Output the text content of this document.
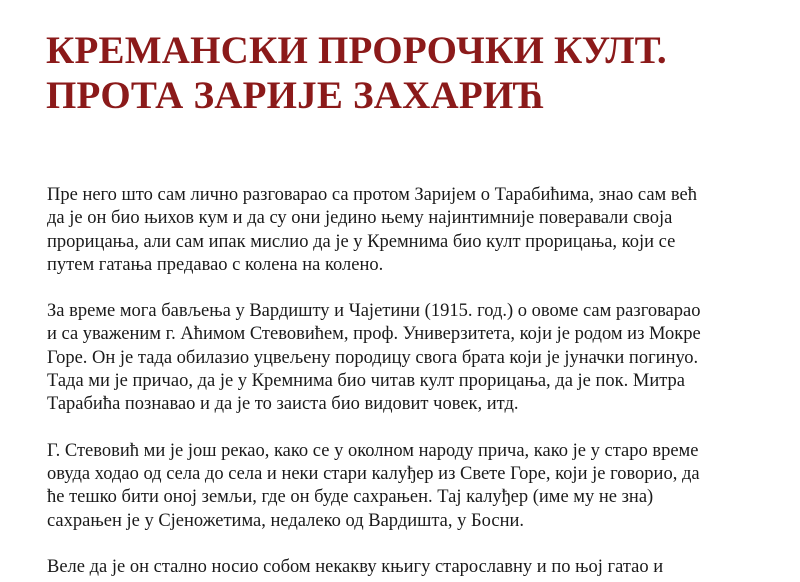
КРЕМАНСКИ ПРОРОЧКИ КУЛТ.
ПРОТА ЗАРИЈЕ ЗАХАРИЋ

Пре него што сам лично разговарао са протом Заријем о Тарабићима, знао сам већ
да је он био њихов кум и да су они једино њему најинтимније поверавали своја
прорицања, али сам ипак мислио да је у Кремнима био култ прорицања, који се
путем гатања предавао с колена на колено.

За време мога бављења у Вардишту и Чајетини (1915. год.) о овоме сам разговарао
и са уваженим г. Аћимом Стевовићем, проф. Универзитета, који је родом из Мокре
Горе. Он је тада обилазио уцвељену породицу свога брата који је јуначки погинуо.
Тада ми је причао, да је у Кремнима био читав култ прорицања, да је пок. Митра
Тарабића познавао и да је то заиста био видовит човек, итд.

Г. Стевовић ми је још рекао, како се у околном народу прича, како је у старо време
овуда ходао од села до села и неки стари калуђер из Свете Горе, који је говорио, да
ће тешко бити оној земљи, где он буде сахрањен. Тај калуђер (име му не зна)
сахрањен је у Сјеножетима, недалеко од Вардишта, у Босни.

Веле да је он стално носио собом некакву књигу старославну и по њој гатао и
